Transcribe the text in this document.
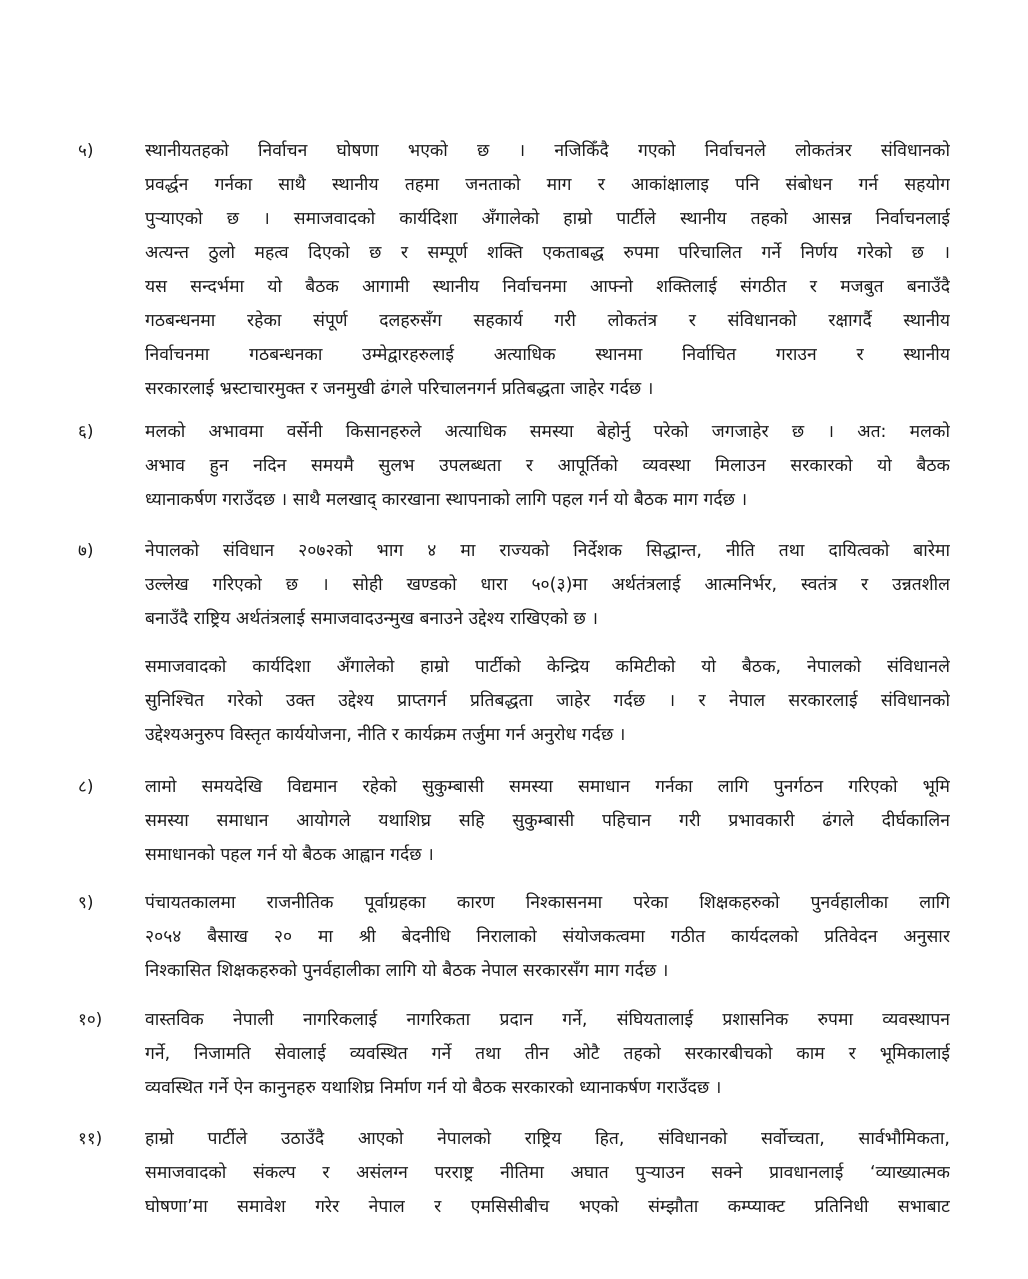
५)	स्थानीयतहको निर्वाचन घोषणा भएको छ । नजिकिँदै गएको निर्वाचनले लोकतंत्रर संविधानको
प्रवर्द्धन गर्नका साथै स्थानीय तहमा जनताको माग र आकांक्षालाइ पनि संबोधन गर्न सहयोग
पुऱ्याएको छ । समाजवादको कार्यदिशा अँगालेको हाम्रो पार्टीले स्थानीय तहको आसन्न निर्वाचनलाई
अत्यन्त ठुलो महत्व दिएको छ र सम्पूर्ण शक्ति एकताबद्ध रुपमा परिचालित गर्ने निर्णय गरेको छ ।
यस सन्दर्भमा यो बैठक आगामी स्थानीय निर्वाचनमा आफ्नो शक्तिलाई संगठीत र मजबुत बनाउँदै
गठबन्धनमा रहेका संपूर्ण दलहरुसँग सहकार्य गरी लोकतंत्र र संविधानको रक्षागर्दै स्थानीय
निर्वाचनमा गठबन्धनका उम्मेद्वारहरुलाई अत्याधिक स्थानमा निर्वाचित गराउन र स्थानीय
सरकारलाई भ्रस्टाचारमुक्त र जनमुखी ढंगले परिचालनगर्न प्रतिबद्धता जाहेर गर्दछ ।
६)	मलको अभावमा वर्सेनी किसानहरुले अत्याधिक समस्या बेहोर्नु परेको जगजाहेर छ । अत: मलको
अभाव हुन नदिन समयमै सुलभ उपलब्धता र आपूर्तिको व्यवस्था मिलाउन सरकारको यो बैठक
ध्यानाकर्षण गराउँदछ । साथै मलखाद् कारखाना स्थापनाको लागि पहल गर्न यो बैठक माग गर्दछ ।
७)	नेपालको संविधान २०७२को भाग ४ मा राज्यको निर्देशक सिद्धान्त, नीति तथा दायित्वको बारेमा
उल्लेख गरिएको छ । सोही खण्डको धारा ५०(३)मा अर्थतंत्रलाई आत्मनिर्भर, स्वतंत्र र उन्नतशील
बनाउँदै राष्ट्रिय अर्थतंत्रलाई समाजवादउन्मुख बनाउने उद्देश्य राखिएको छ ।
समाजवादको कार्यदिशा अँगालेको हाम्रो पार्टीको केन्द्रिय कमिटीको यो बैठक, नेपालको संविधानले
सुनिश्चित गरेको उक्त उद्देश्य प्राप्तगर्न प्रतिबद्धता जाहेर गर्दछ । र नेपाल सरकारलाई संविधानको
उद्देश्यअनुरुप विस्तृत कार्ययोजना, नीति र कार्यक्रम तर्जुमा गर्न अनुरोध गर्दछ ।
८)	लामो समयदेखि विद्यमान रहेको सुकुम्बासी समस्या समाधान गर्नका लागि पुनर्गठन गरिएको भूमि
समस्या समाधान आयोगले यथाशिघ्र सहि सुकुम्बासी पहिचान गरी प्रभावकारी ढंगले दीर्घकालिन
समाधानको पहल गर्न यो बैठक आह्वान गर्दछ ।
९)	पंचायतकालमा राजनीतिक पूर्वाग्रहका कारण निश्कासनमा परेका शिक्षकहरुको पुनर्वहालीका लागि
२०५४ बैसाख २० मा श्री बेदनीधि निरालाको संयोजकत्वमा गठीत कार्यदलको प्रतिवेदन अनुसार
निश्कासित शिक्षकहरुको पुनर्वहालीका लागि यो बैठक नेपाल सरकारसँग माग गर्दछ ।
१०)	वास्तविक नेपाली नागरिकलाई नागरिकता प्रदान गर्ने, संघियतालाई प्रशासनिक रुपमा व्यवस्थापन
गर्ने, निजामति सेवालाई व्यवस्थित गर्ने तथा तीन ओटै तहको सरकारबीचको काम र भूमिकालाई
व्यवस्थित गर्ने ऐन कानुनहरु यथाशिघ्र निर्माण गर्न यो बैठक सरकारको ध्यानाकर्षण गराउँदछ ।
११)	हाम्रो पार्टीले उठाउँदै आएको नेपालको राष्ट्रिय हित, संविधानको सर्वोच्चता, सार्वभौमिकता,
समाजवादको संकल्प र असंलग्न परराष्ट्र नीतिमा अघात पुऱ्याउन सक्ने प्रावधानलाई ‘व्याख्यात्मक
घोषणा’मा समावेश गरेर नेपाल र एमसिसीबीच भएको संम्झौता कम्प्याक्ट प्रतिनिधी सभाबाट
